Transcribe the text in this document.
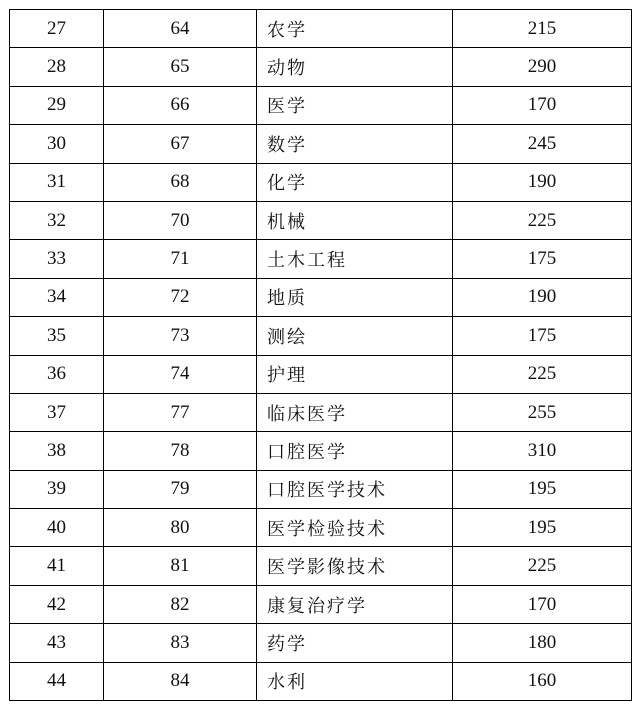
27	64	农学	215
28	65	动物	290
29	66	医学	170
30	67	数学	245
31	68	化学	190
32	70	机械	225
33	71	土木工程	175
34	72	地质	190
35	73	测绘	175
36	74	护理	225
37	77	临床医学	255
38	78	口腔医学	310
39	79	口腔医学技术	195
40	80	医学检验技术	195
41	81	医学影像技术	225
42	82	康复治疗学	170
43	83	药学	180
44	84	水利	160
